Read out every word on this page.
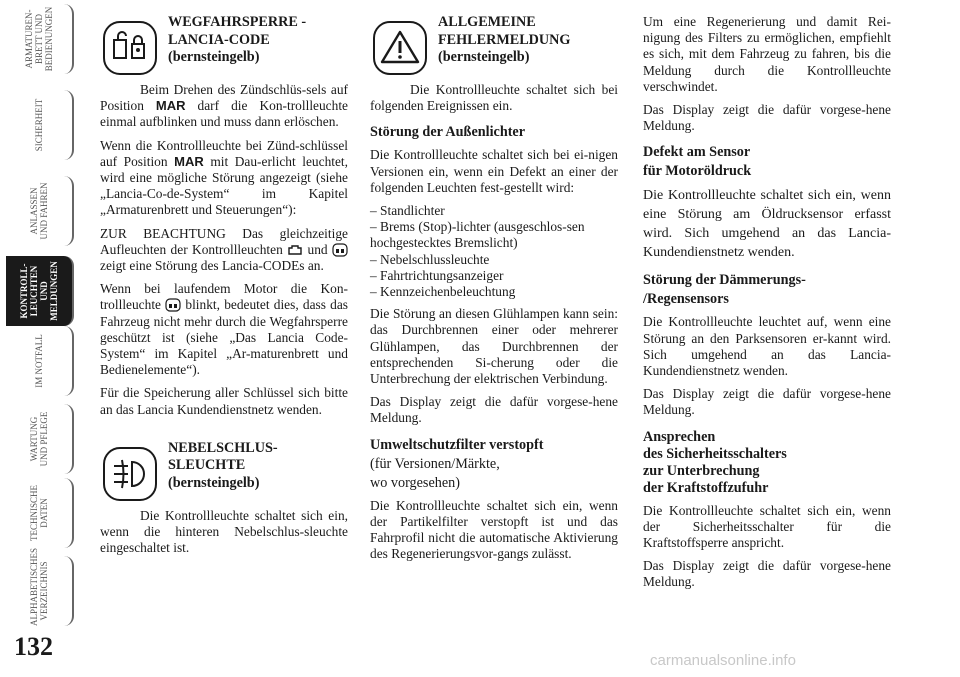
ARMATUREN-
BRETT UND
BEDIENUNGEN
SICHERHEIT
ANLASSEN
UND FAHREN
KONTROLL-
LEUCHTEN UND
MELDUNGEN
IM NOTFALL
WARTUNG
UND PFLEGE
TECHNISCHE
DATEN
ALPHABETISCHES
VERZEICHNIS
132
WEGFAHRSPERRE -
LANCIA-CODE
(bernsteingelb)

Beim Drehen des Zündschlüs-sels auf Position MAR darf die Kon-trollleuchte einmal aufblinken und muss dann erlöschen.

Wenn die Kontrollleuchte bei Zünd-schlüssel auf Position MAR mit Dau-erlicht leuchtet, wird eine mögliche Störung angezeigt (siehe „Lancia-Co-de-System“ im Kapitel „Armaturenbrett und Steuerungen“):

ZUR BEACHTUNG Das gleichzeitige Aufleuchten der Kontrollleuchten  und  zeigt eine Störung des Lancia-CODEs an.

Wenn bei laufendem Motor die Kon-trollleuchte  blinkt, bedeutet dies, dass das Fahrzeug nicht mehr durch die Wegfahrsperre geschützt ist (siehe „Das Lancia Code-System“ im Kapitel „Ar-maturenbrett und Bedienelemente“).

Für die Speicherung aller Schlüssel sich bitte an das Lancia Kundendienstnetz wenden.

NEBELSCHLUS-
SLEUCHTE
(bernsteingelb)

Die Kontrollleuchte schaltet sich ein, wenn die hinteren Nebelschlus-sleuchte eingeschaltet ist.

ALLGEMEINE
FEHLERMELDUNG
(bernsteingelb)

Die Kontrollleuchte schaltet sich bei folgenden Ereignissen ein.

Störung der Außenlichter

Die Kontrollleuchte schaltet sich bei ei-nigen Versionen ein, wenn ein Defekt an einer der folgenden Leuchten fest-gestellt wird:

– Standlichter
– Brems (Stop)-lichter (ausgeschlos-sen hochgestecktes Bremslicht)
– Nebelschlussleuchte
– Fahrtrichtungsanzeiger
– Kennzeichenbeleuchtung

Die Störung an diesen Glühlampen kann sein: das Durchbrennen einer oder mehrerer Glühlampen, das Durchbrennen der entsprechenden Si-cherung oder die Unterbrechung der elektrischen Verbindung.

Das Display zeigt die dafür vorgese-hene Meldung.

Umweltschutzfilter verstopft
(für Versionen/Märkte,
wo vorgesehen)

Die Kontrollleuchte schaltet sich ein, wenn der Partikelfilter verstopft ist und das Fahrprofil nicht die automatische Aktivierung des Regenerierungsvor-gangs zulässt.

Um eine Regenerierung und damit Rei-nigung des Filters zu ermöglichen, empfiehlt es sich, mit dem Fahrzeug zu fahren, bis die Meldung durch die Kontrollleuchte verschwindet.

Das Display zeigt die dafür vorgese-hene Meldung.

Defekt am Sensor
für Motoröldruck

Die Kontrollleuchte schaltet sich ein, wenn eine Störung am Öldrucksensor erfasst wird. Sich umgehend an das Lancia-Kundendienstnetz wenden.

Störung der Dämmerungs-
/Regensensors

Die Kontrollleuchte leuchtet auf, wenn eine Störung an den Parksensoren er-kannt wird. Sich umgehend an das Lancia-Kundendienstnetz wenden.

Das Display zeigt die dafür vorgese-hene Meldung.

Ansprechen
des Sicherheitsschalters
zur Unterbrechung
der Kraftstoffzufuhr

Die Kontrollleuchte schaltet sich ein, wenn der Sicherheitsschalter für die Kraftstoffsperre anspricht.

Das Display zeigt die dafür vorgese-hene Meldung.

carmanualsonline.info
